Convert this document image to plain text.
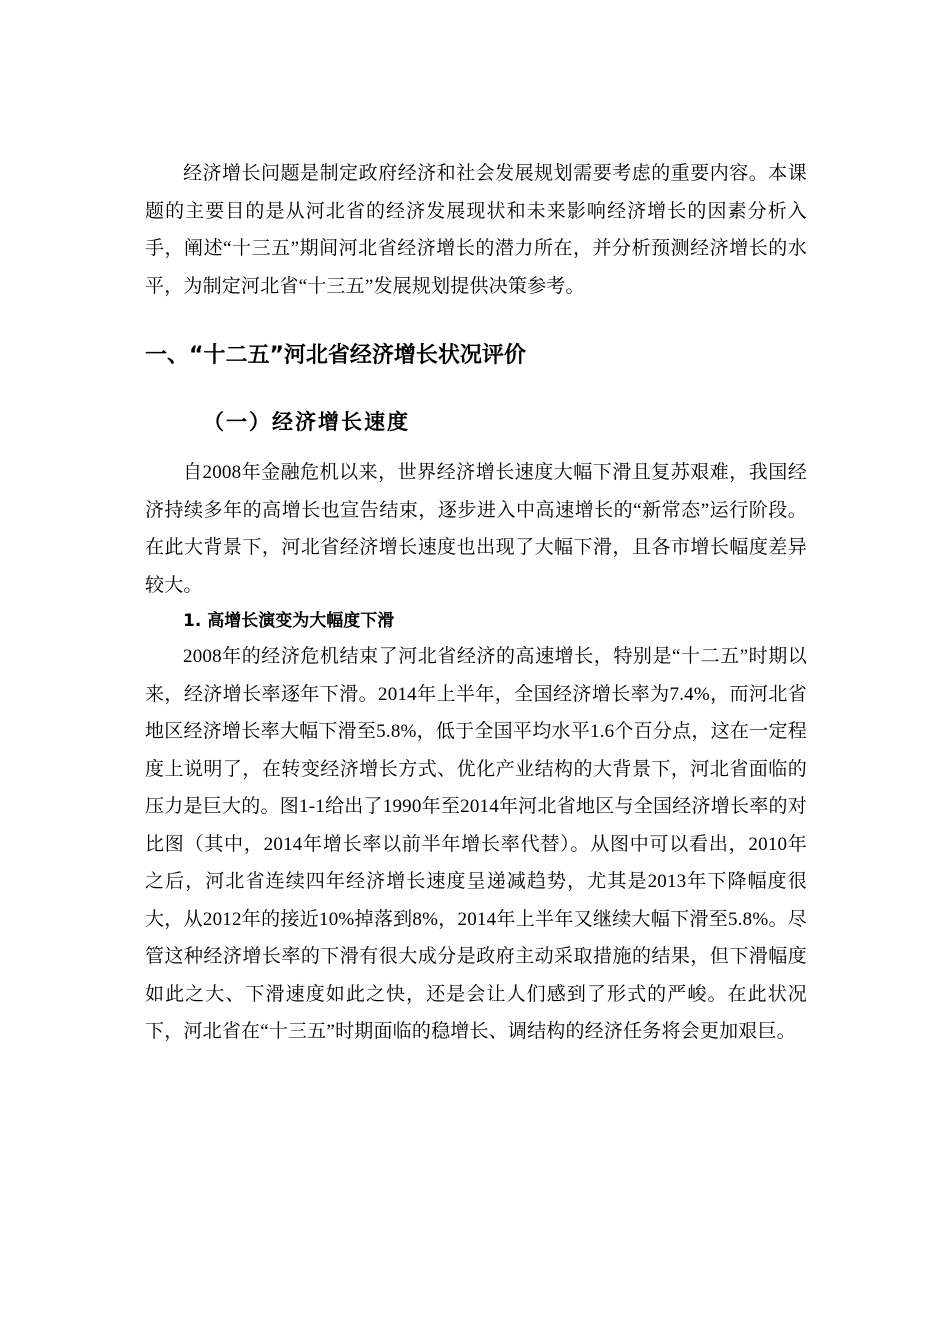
经济增长问题是制定政府经济和社会发展规划需要考虑的重要内容。本课题的主要目的是从河北省的经济发展现状和未来影响经济增长的因素分析入手，阐述“十三五”期间河北省经济增长的潜力所在，并分析预测经济增长的水平，为制定河北省“十三五”发展规划提供决策参考。

一、“十二五”河北省经济增长状况评价
（一）经济增长速度

自2008年金融危机以来，世界经济增长速度大幅下滑且复苏艰难，我国经济持续多年的高增长也宣告结束，逐步进入中高速增长的“新常态”运行阶段。在此大背景下，河北省经济增长速度也出现了大幅下滑，且各市增长幅度差异较大。

1. 高增长演变为大幅度下滑

2008年的经济危机结束了河北省经济的高速增长，特别是“十二五”时期以来，经济增长率逐年下滑。2014年上半年，全国经济增长率为7.4%，而河北省地区经济增长率大幅下滑至5.8%，低于全国平均水平1.6个百分点，这在一定程度上说明了，在转变经济增长方式、优化产业结构的大背景下，河北省面临的压力是巨大的。图1-1给出了1990年至2014年河北省地区与全国经济增长率的对比图（其中，2014年增长率以前半年增长率代替）。从图中可以看出，2010年之后，河北省连续四年经济增长速度呈递减趋势，尤其是2013年下降幅度很大，从2012年的接近10%掉落到8%，2014年上半年又继续大幅下滑至5.8%。尽管这种经济增长率的下滑有很大成分是政府主动采取措施的结果，但下滑幅度如此之大、下滑速度如此之快，还是会让人们感到了形式的严峻。在此状况下，河北省在“十三五”时期面临的稳增长、调结构的经济任务将会更加艰巨。
